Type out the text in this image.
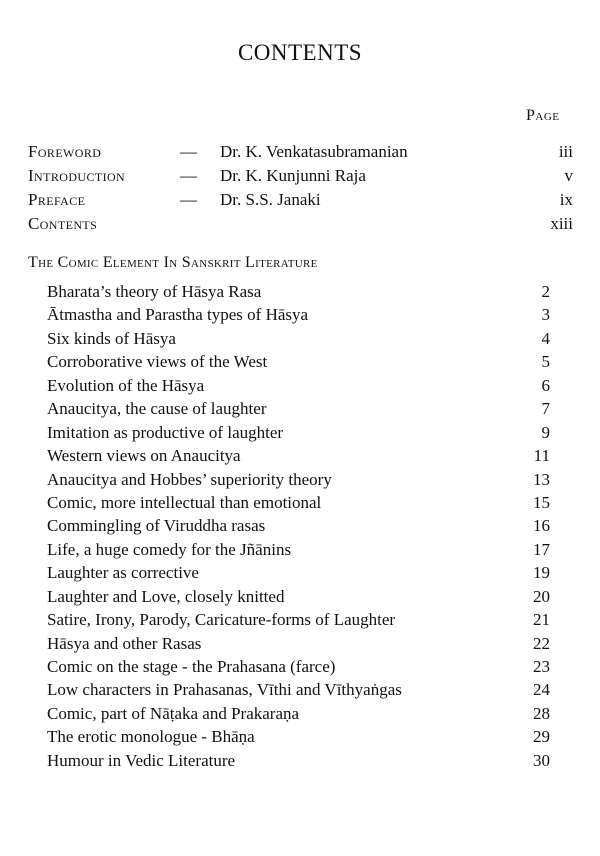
CONTENTS
Page
Foreword	— Dr. K. Venkatasubramanian	iii
Introduction	— Dr. K. Kunjunni Raja	v
Preface	— Dr. S.S. Janaki	ix
Contents	xiii
The Comic Element In Sanskrit Literature
Bharata’s theory of Hāsya Rasa	2
Ātmastha and Parastha types of Hāsya	3
Six kinds of Hāsya	4
Corroborative views of the West	5
Evolution of the Hāsya	6
Anaucitya, the cause of laughter	7
Imitation as productive of laughter	9
Western views on Anaucitya	11
Anaucitya and Hobbes’ superiority theory	13
Comic, more intellectual than emotional	15
Commingling of Viruddha rasas	16
Life, a huge comedy for the Jñānins	17
Laughter as corrective	19
Laughter and Love, closely knitted	20
Satire, Irony, Parody, Caricature-forms of Laughter	21
Hāsya and other Rasas	22
Comic on the stage - the Prahasana (farce)	23
Low characters in Prahasanas, Vīthi and Vīthyaṅgas	24
Comic, part of Nāṭaka and Prakaraṇa	28
The erotic monologue - Bhāṇa	29
Humour in Vedic Literature	30
